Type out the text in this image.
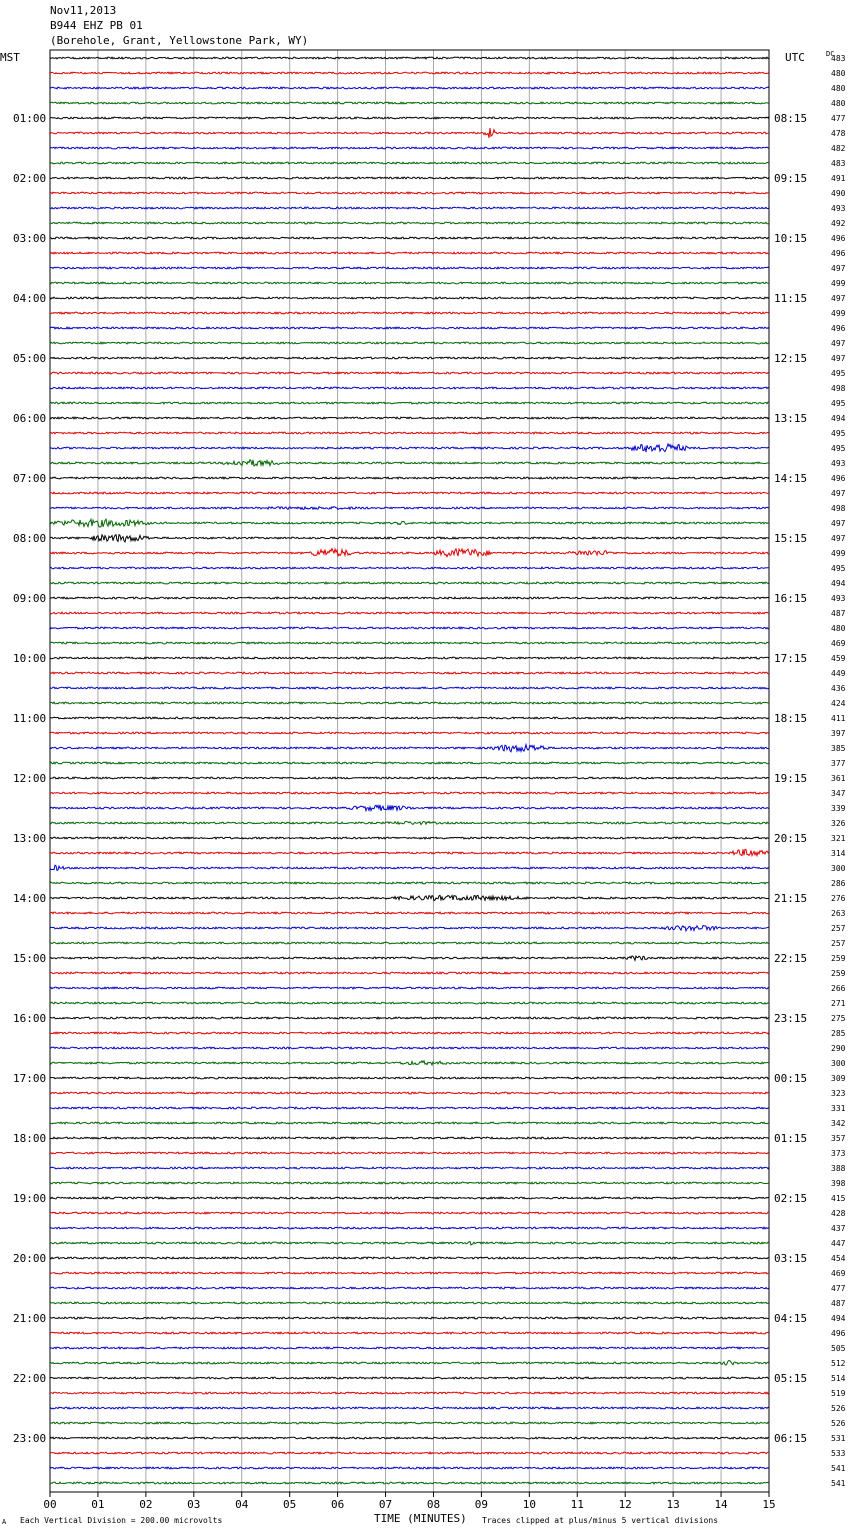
Nov11,2013
B944 EHZ PB 01
(Borehole, Grant, Yellowstone Park, WY)
483
480
480
480
477
478
482
483
491
490
493
492
496
496
497
499
497
499
496
497
497
495
498
495
494
495
495
493
496
497
498
497
497
499
495
494
493
487
480
469
459
449
436
424
411
397
385
377
361
347
339
326
321
314
300
286
276
263
257
257
259
259
266
271
275
285
290
300
309
323
331
342
357
373
388
398
415
428
437
447
454
469
477
487
494
496
505
512
514
519
526
526
531
533
541
541
01:00
02:00
03:00
04:00
05:00
06:00
07:00
08:00
09:00
10:00
11:00
12:00
13:00
14:00
15:00
16:00
17:00
18:00
19:00
20:00
21:00
22:00
23:00
08:15
09:15
10:15
11:15
12:15
13:15
14:15
15:15
16:15
17:15
18:15
19:15
20:15
21:15
22:15
23:15
00:15
01:15
02:15
03:15
04:15
05:15
06:15
MST	UTC	DC
00	01	02	03	04	05	06	07	08	09	10	11	12	13	14	15
A Each Vertical Division = 200.00 microvolts	TIME (MINUTES) Traces clipped at plus/minus 5 vertical divisions
